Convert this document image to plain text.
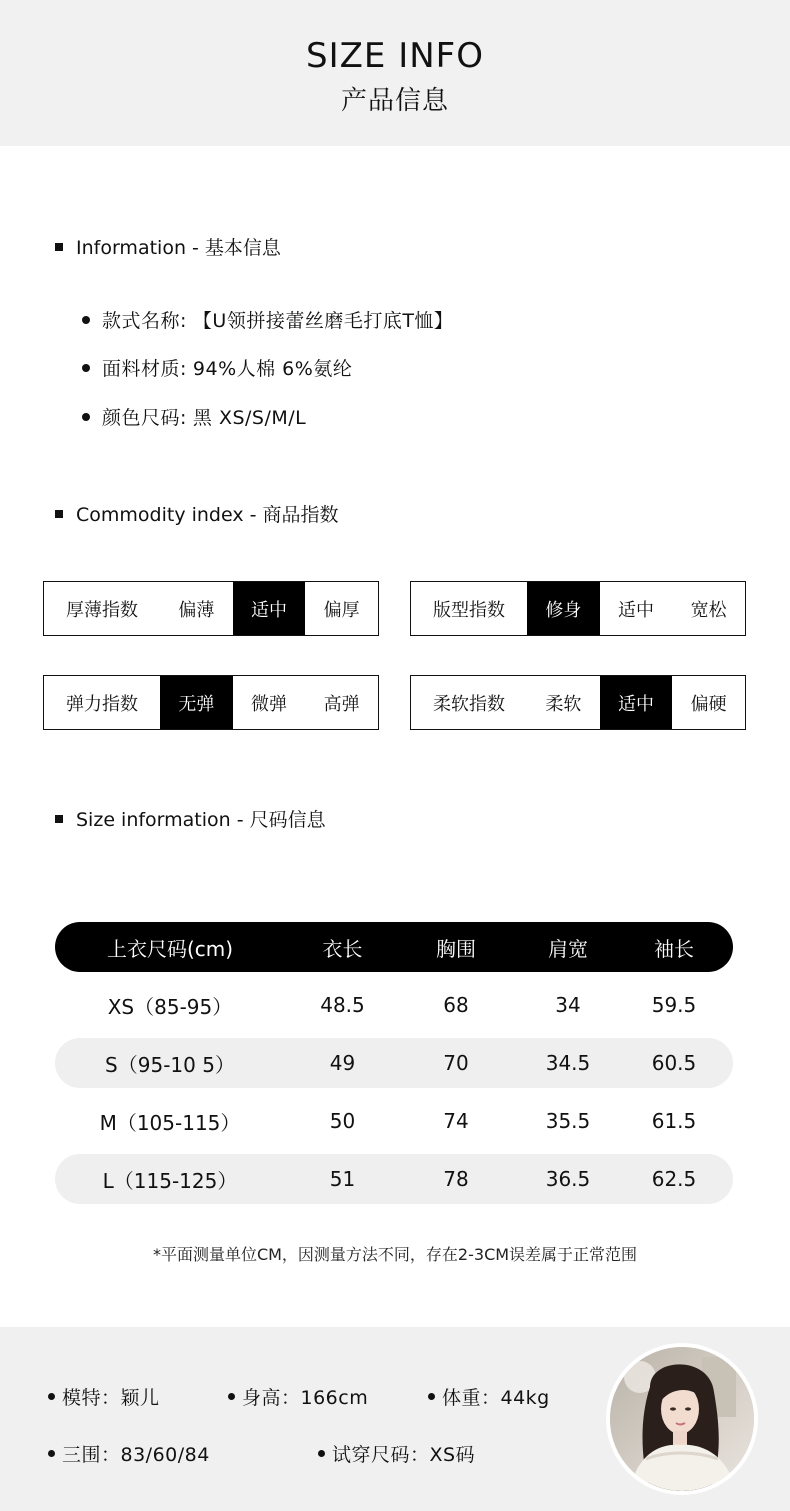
SIZE INFO
产品信息
Information - 基本信息
款式名称: 【U领拼接蕾丝磨毛打底T恤】
面料材质: 94%人棉 6%氨纶
颜色尺码: 黑 XS/S/M/L
Commodity index - 商品指数
厚薄指数	偏薄	适中	偏厚	版型指数	修身	适中	宽松
弹力指数	无弹	微弹	高弹	柔软指数	柔软	适中	偏硬
Size information - 尺码信息
上衣尺码(cm)	衣长	胸围	肩宽	袖长
XS（85-95）	48.5	68	34	59.5
S（95-10 5）	49	70	34.5	60.5
M（105-115）	50	74	35.5	61.5
L（115-125）	51	78	36.5	62.5
*平面测量单位CM，因测量方法不同，存在2-3CM误差属于正常范围
模特：颖儿	身高：166cm	体重：44kg
三围：83/60/84	试穿尺码：XS码
